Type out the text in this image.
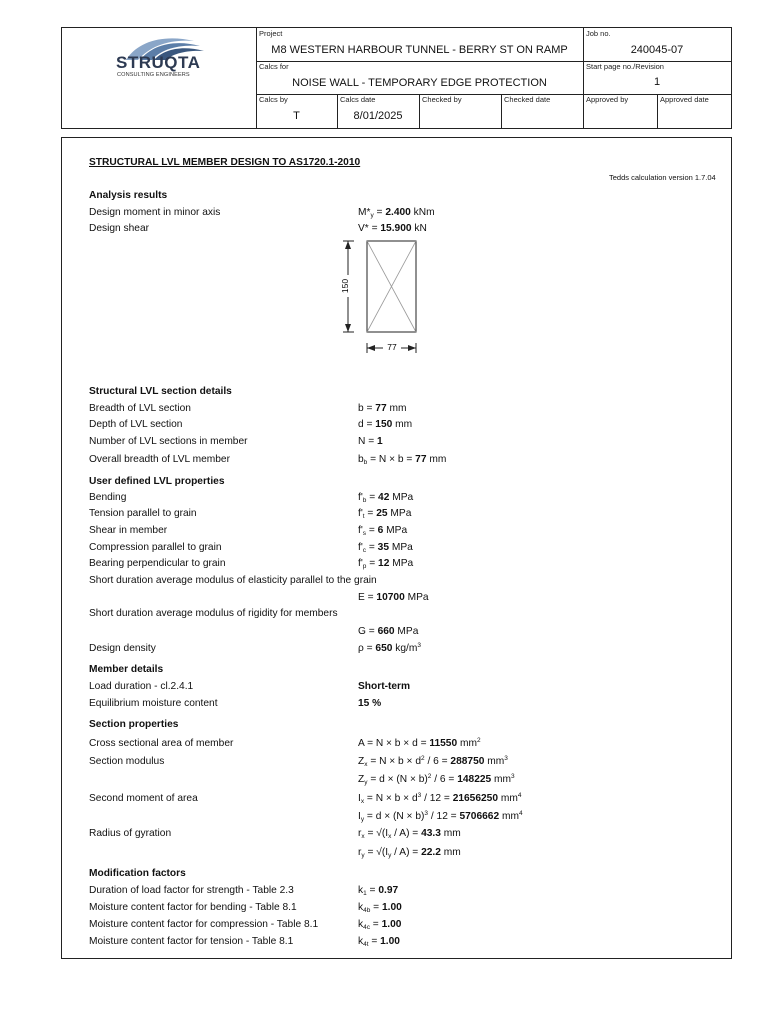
STRUQTA
CONSULTING ENGINEERS
Project
M8 WESTERN HARBOUR TUNNEL - BERRY ST ON RAMP
Job no.
240045-07
Calcs for
NOISE WALL - TEMPORARY EDGE PROTECTION
Start page no./Revision
1
Calcs by
T
Calcs date
8/01/2025
Checked by	Checked date	Approved by	Approved date
STRUCTURAL LVL MEMBER DESIGN TO AS1720.1-2010
Tedds calculation version 1.7.04
Analysis results
Design moment in minor axis	$M*_y = 2.400$ kNm
Design shear	V* = 15.900 kN
150
77
Structural LVL section details
Breadth of LVL section	b = 77 mm
Depth of LVL section	d = 150 mm
Number of LVL sections in member	N = 1
Overall breadth of LVL member	$b_b = N \times b = 77$ mm
User defined LVL properties
Bending	$f'_b = 42$ MPa
Tension parallel to grain	$f'_t = 25$ MPa
Shear in member	$f'_s = 6$ MPa
Compression parallel to grain	$f'_c = 35$ MPa
Bearing perpendicular to grain	$f'_p = 12$ MPa
Short duration average modulus of elasticity parallel to the grain
E = 10700 MPa
Short duration average modulus of rigidity for members
G = 660 MPa
Design density	ρ = 650 $kg/m^3$
Member details
Load duration - cl.2.4.1	Short-term
Equilibrium moisture content	15 %
Section properties
Cross sectional area of member	A = N × b × d = 11550 $mm^2$
Section modulus	$Z_x = N \times b \times d^2 / 6 = 288750$ $mm^3$
$Z_y = d \times (N \times b)^2 / 6 = 148225$ $mm^3$
Second moment of area	$I_x = N \times b \times d^3 / 12 = 21656250$ $mm^4$
$I_y = d \times (N \times b)^3 / 12 = 5706662$ $mm^4$
Radius of gyration	$r_x = √(I_x / A) = 43.3$ mm
$r_y = √(I_y / A) = 22.2$ mm
Modification factors
Duration of load factor for strength - Table 2.3	$k_1 = 0.97$
Moisture content factor for bending - Table 8.1	$k_{4b} = 1.00$
Moisture content factor for compression - Table 8.1	$k_{4c} = 1.00$
Moisture content factor for tension - Table 8.1	$k_{4t} = 1.00$
